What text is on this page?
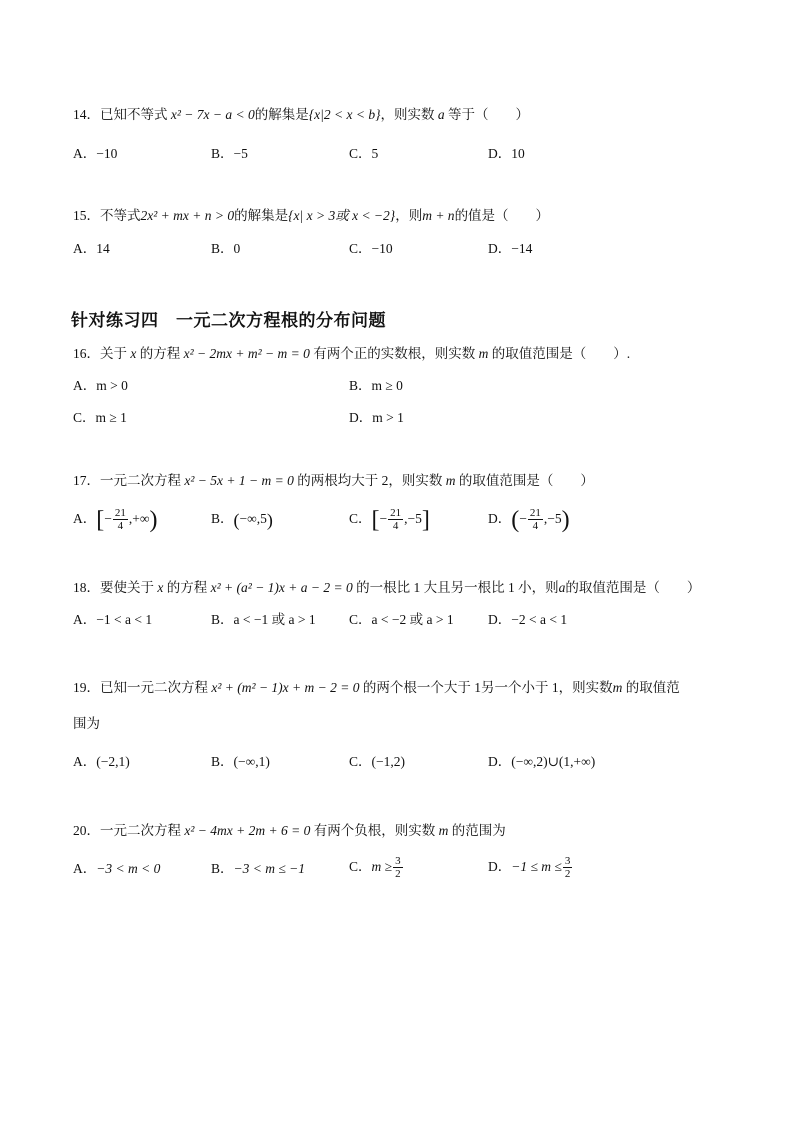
14．已知不等式 x² − 7x − a < 0的解集是{x|2 < x < b}，则实数 a 等于（　　）
A．−10	B．−5	C．5	D．10
15．不等式2x² + mx + n > 0的解集是{x| x > 3或 x < −2}，则m + n的值是（　　）
A．14	B．0	C．−10	D．−14
针对练习四　一元二次方程根的分布问题
16．关于 x 的方程 x² − 2mx + m² − m = 0 有两个正的实数根，则实数 m 的取值范围是（　　）.
A．m > 0	B．m ≥ 0
C．m ≥ 1	D．m > 1
17．一元二次方程 x² − 5x + 1 − m = 0 的两根均大于 2，则实数 m 的取值范围是（　　）
A．[− $\frac{21}{4}$ ,+∞)	B．(−∞,5)	C．[− $\frac{21}{4} ,-5$]	D．(− $\frac{21}{4} ,-5$)
18．要使关于 x 的方程 x² + (a² − 1)x + a − 2 = 0 的一根比 1 大且另一根比 1 小，则a的取值范围是（　　）
A．−1 < a < 1	B．a < −1 或 a > 1 C．a < −2 或 a > 1	D．−2 < a < 1
19．已知一元二次方程 x² + (m² − 1)x + m − 2 = 0 的两个根一个大于 1另一个小于 1，则实数m 的取值范
围为
A．(−2,1)	B．(−∞,1)	C．(−1,2)	D．(−∞,2)∪(1,+∞)
20．一元二次方程 x² − 4mx + 2m + 6 = 0 有两个负根，则实数 m 的范围为
A．−3 < m < 0	B．−3 < m ≤ −1	C．$m \ge \frac{3}{2}$	D．$-1 \le m \le \frac{3}{2}$
